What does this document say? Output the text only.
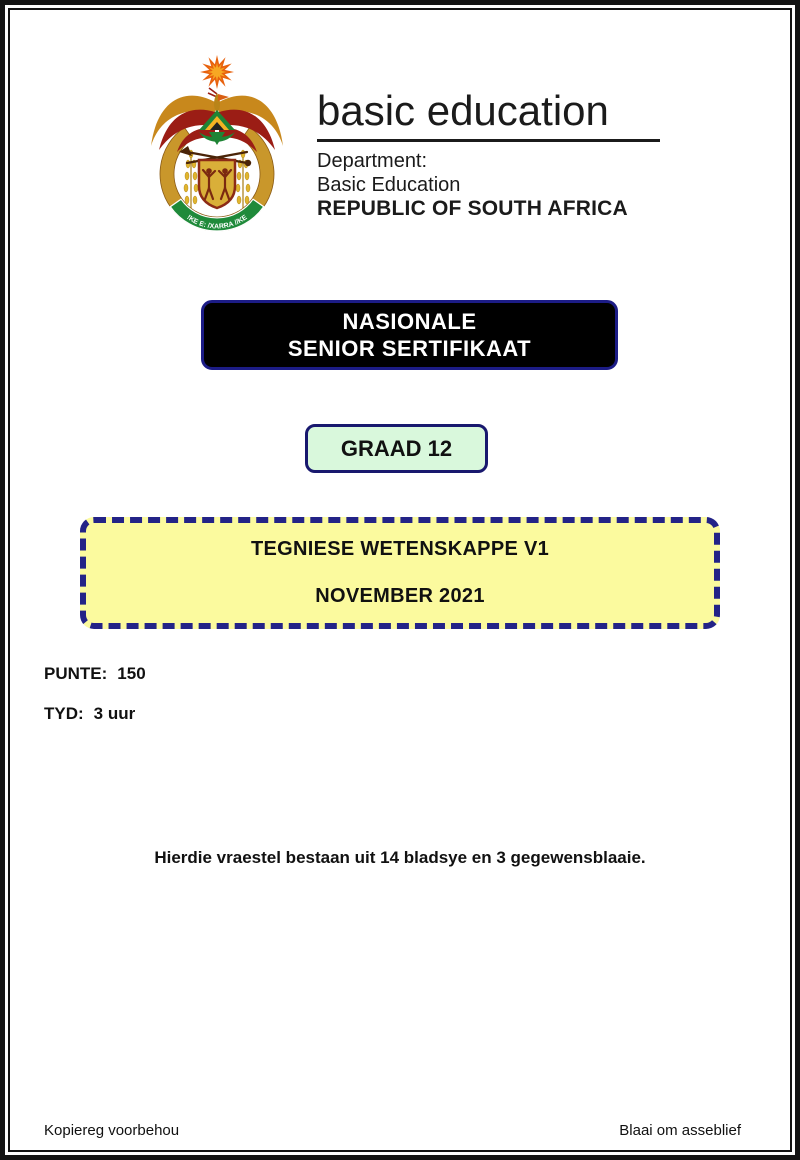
!KE E: /XARRA //KE
basic education
Department:
Basic Education
REPUBLIC OF SOUTH AFRICA
NASIONALE
SENIOR SERTIFIKAAT
GRAAD 12
TEGNIESE WETENSKAPPE V1
NOVEMBER 2021
PUNTE: 150
TYD: 3 uur
Hierdie vraestel bestaan uit 14 bladsye en 3 gegewensblaaie.
Kopiereg voorbehou	Blaai om asseblief
